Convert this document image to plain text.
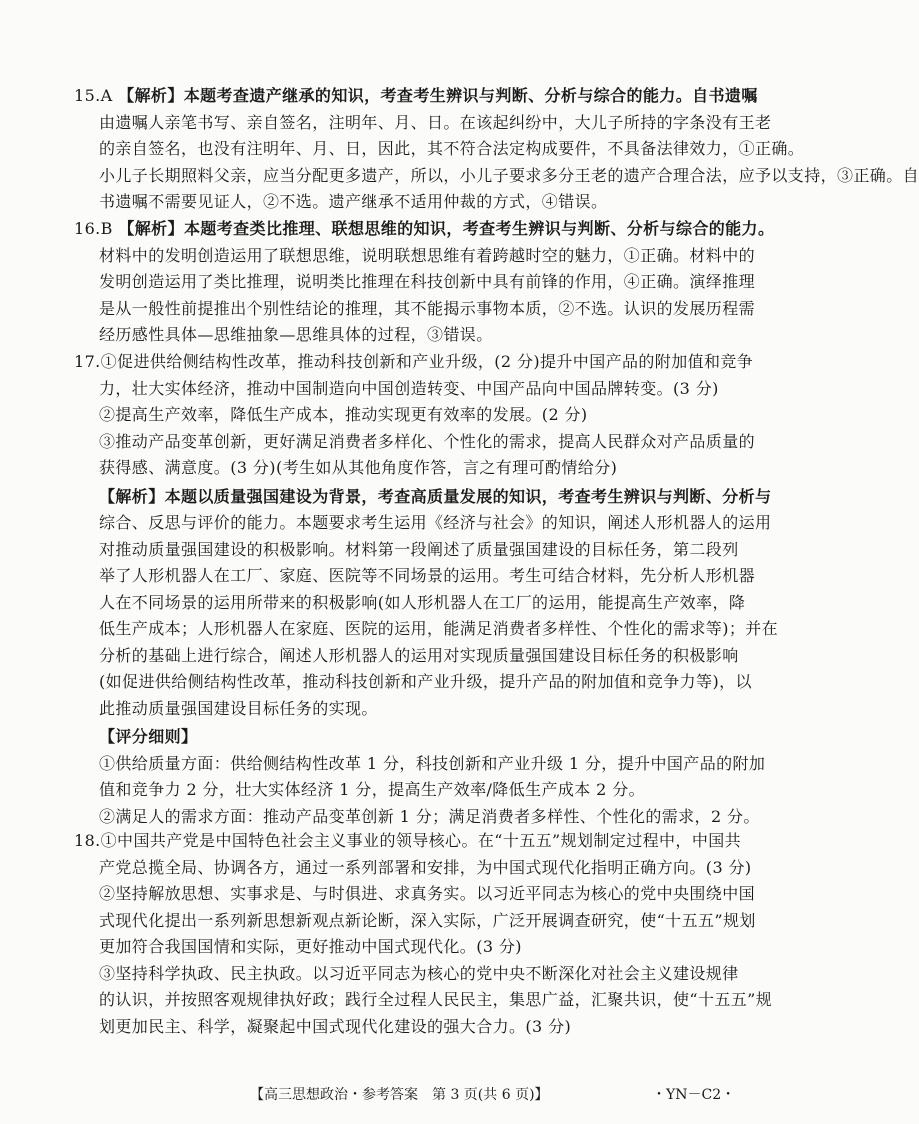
15.A 【解析】本题考查遗产继承的知识，考查考生辨识与判断、分析与综合的能力。自书遗嘱
由遗嘱人亲笔书写、亲自签名，注明年、月、日。在该起纠纷中，大儿子所持的字条没有王老
的亲自签名，也没有注明年、月、日，因此，其不符合法定构成要件，不具备法律效力，①正确。
小儿子长期照料父亲，应当分配更多遗产，所以，小儿子要求多分王老的遗产合理合法，应予以支持，③正确。自
书遗嘱不需要见证人，②不选。遗产继承不适用仲裁的方式，④错误。
16.B 【解析】本题考查类比推理、联想思维的知识，考查考生辨识与判断、分析与综合的能力。
材料中的发明创造运用了联想思维，说明联想思维有着跨越时空的魅力，①正确。材料中的
发明创造运用了类比推理，说明类比推理在科技创新中具有前锋的作用，④正确。演绎推理
是从一般性前提推出个别性结论的推理，其不能揭示事物本质，②不选。认识的发展历程需
经历感性具体—思维抽象—思维具体的过程，③错误。
17.①促进供给侧结构性改革，推动科技创新和产业升级，(2 分)提升中国产品的附加值和竞争
力，壮大实体经济，推动中国制造向中国创造转变、中国产品向中国品牌转变。(3 分)
②提高生产效率，降低生产成本，推动实现更有效率的发展。(2 分)
③推动产品变革创新，更好满足消费者多样化、个性化的需求，提高人民群众对产品质量的
获得感、满意度。(3 分)(考生如从其他角度作答，言之有理可酌情给分)
【解析】本题以质量强国建设为背景，考查高质量发展的知识，考查考生辨识与判断、分析与
综合、反思与评价的能力。本题要求考生运用《经济与社会》的知识，阐述人形机器人的运用
对推动质量强国建设的积极影响。材料第一段阐述了质量强国建设的目标任务，第二段列
举了人形机器人在工厂、家庭、医院等不同场景的运用。考生可结合材料，先分析人形机器
人在不同场景的运用所带来的积极影响(如人形机器人在工厂的运用，能提高生产效率，降
低生产成本；人形机器人在家庭、医院的运用，能满足消费者多样性、个性化的需求等)；并在
分析的基础上进行综合，阐述人形机器人的运用对实现质量强国建设目标任务的积极影响
(如促进供给侧结构性改革，推动科技创新和产业升级，提升产品的附加值和竞争力等)，以
此推动质量强国建设目标任务的实现。
【评分细则】
①供给质量方面：供给侧结构性改革 1 分，科技创新和产业升级 1 分，提升中国产品的附加
值和竞争力 2 分，壮大实体经济 1 分，提高生产效率/降低生产成本 2 分。
②满足人的需求方面：推动产品变革创新 1 分；满足消费者多样性、个性化的需求，2 分。
18.①中国共产党是中国特色社会主义事业的领导核心。在“十五五”规划制定过程中，中国共
产党总揽全局、协调各方，通过一系列部署和安排，为中国式现代化指明正确方向。(3 分)
②坚持解放思想、实事求是、与时俱进、求真务实。以习近平同志为核心的党中央围绕中国
式现代化提出一系列新思想新观点新论断，深入实际，广泛开展调查研究，使“十五五”规划
更加符合我国国情和实际，更好推动中国式现代化。(3 分)
③坚持科学执政、民主执政。以习近平同志为核心的党中央不断深化对社会主义建设规律
的认识，并按照客观规律执好政；践行全过程人民民主，集思广益，汇聚共识，使“十五五”规
划更加民主、科学，凝聚起中国式现代化建设的强大合力。(3 分)
【高三思想政治・参考答案　第 3 页(共 6 页)】	・YN－C2・
